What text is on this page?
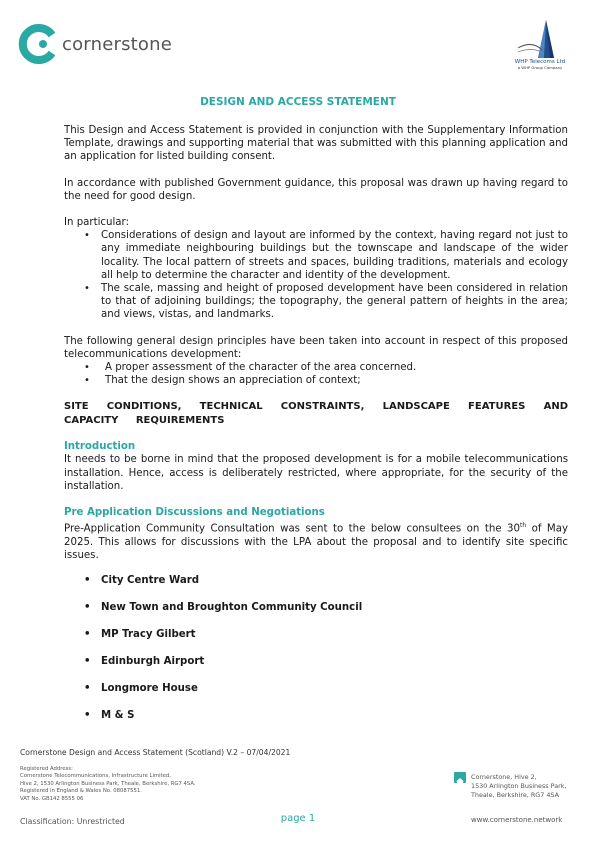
cornerstone
WHP Telecoms Ltd
a WHP Group Company
DESIGN AND ACCESS STATEMENT

This Design and Access Statement is provided in conjunction with the Supplementary Information Template, drawings and supporting material that was submitted with this planning application and an application for listed building consent.

In accordance with published Government guidance, this proposal was drawn up having regard to the need for good design.

In particular:

• Considerations of design and layout are informed by the context, having regard not just to any immediate neighbouring buildings but the townscape and landscape of the wider locality. The local pattern of streets and spaces, building traditions, materials and ecology all help to determine the character and identity of the development.
• The scale, massing and height of proposed development have been considered in relation to that of adjoining buildings; the topography, the general pattern of heights in the area; and views, vistas, and landmarks.

The following general design principles have been taken into account in respect of this proposed telecommunications development:

• A proper assessment of the character of the area concerned.
• That the design shows an appreciation of context;

SITE CONDITIONS, TECHNICAL CONSTRAINTS, LANDSCAPE FEATURES AND CAPACITY REQUIREMENTS

Introduction

It needs to be borne in mind that the proposed development is for a mobile telecommunications installation. Hence, access is deliberately restricted, where appropriate, for the security of the installation.

Pre Application Discussions and Negotiations

Pre-Application Community Consultation was sent to the below consultees on the 30th of May 2025. This allows for discussions with the LPA about the proposal and to identify site specific issues.

• City Centre Ward
• New Town and Broughton Community Council
• MP Tracy Gilbert
• Edinburgh Airport
• Longmore House
• M & S
Cornerstone Design and Access Statement (Scotland) V.2 – 07/04/2021
Registered Address:
Cornerstone Telecommunications, Infrastructure Limited,
Hive 2, 1530 Arlington Business Park, Theale, Berkshire, RG7 4SA.
Registered in England & Wales No. 08087551.
VAT No. GB142 8555 06
Cornerstone, Hive 2,
1530 Arlington Business Park,
Theale, Berkshire, RG7 4SA
Classification: Unrestricted	page 1	www.cornerstone.network
